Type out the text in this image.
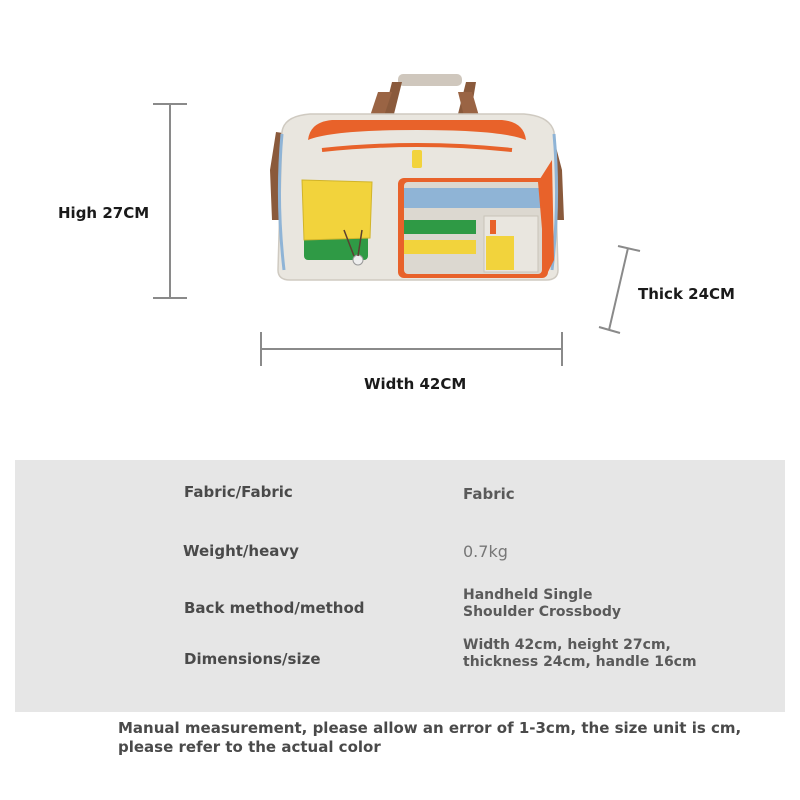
High 27CM
Width 42CM
Thick 24CM
Fabric/Fabric	Fabric
Weight/heavy	0.7kg
Back method/method
Handheld Single
Shoulder Crossbody
Dimensions/size
Width 42cm, height 27cm,
thickness 24cm, handle 16cm
Manual measurement, please allow an error of 1-3cm, the size unit is cm,
please refer to the actual color
